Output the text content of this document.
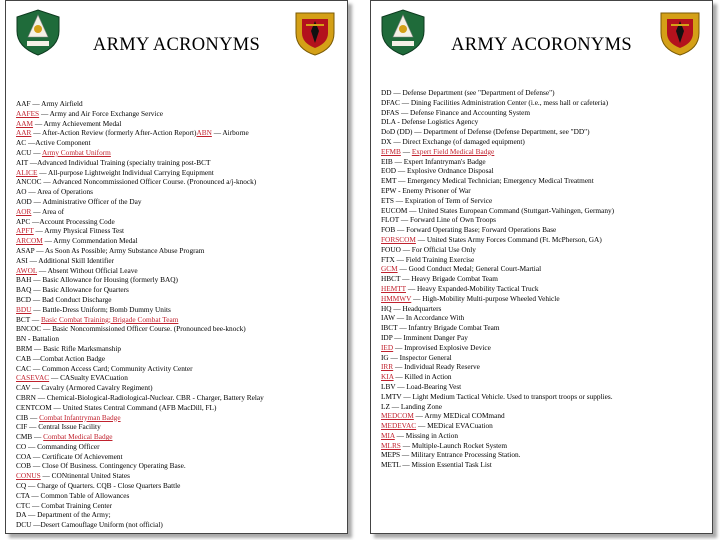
ARMY ACRONYMS
AAF — Army Airfield
AAFES — Army and Air Force Exchange Service
AAM — Army Achievement Medal
AAR — After-Action Review (formerly After-Action Report)ABN — Airborne
AC —Active Component
ACU — Army Combat Uniform
AIT —Advanced Individual Training (specialty training post-BCT
ALICE — All-purpose Lightweight Individual Carrying Equipment
ANCOC — Advanced Noncommissioned Officer Course. (Pronounced a/j-knock)
AO — Area of Operations
AOD — Administrative Officer of the Day
AOR — Area of
APC —Account Processing Code
APFT — Army Physical Fitness Test
ARCOM — Army Commendation Medal
ASAP — As Soon As Possible; Army Substance Abuse Program
ASI — Additional Skill Identifier
AWOL — Absent Without Official Leave
BAH — Basic Allowance for Housing (formerly BAQ)
BAQ — Basic Allowance for Quarters
BCD — Bad Conduct Discharge
BDU — Battle-Dress Uniform; Bomb Dummy Units
BCT — Basic Combat Training; Brigade Combat Team
BNCOC — Basic Noncommissioned Officer Course. (Pronounced bee-knock)
BN - Battalion
BRM — Basic Rifle Marksmanship
CAB —Combat Action Badge
CAC — Common Access Card; Community Activity Center
CASEVAC — CASualty EVACuation
CAV — Cavalry (Armored Cavalry Regiment)
CBRN — Chemical-Biological-Radiological-Nuclear. CBR - Charger, Battery Relay
CENTCOM — United States Central Command (AFB MacDill, FL)
CIB — Combat Infantryman Badge
CIF — Central Issue Facility
CMB — Combat Medical Badge
CO — Commanding Officer
COA — Certificate Of Achievement
COB — Close Of Business. Contingency Operating Base.
CONUS — CONtinental United States
CQ — Charge of Quarters. CQB - Close Quarters Battle
CTA — Common Table of Allowances
CTC — Combat Training Center
DA — Department of the Army;
DCU —Desert Camouflage Uniform (not official)
ARMY ACORONYMS
DD — Defense Department (see "Department of Defense")
DFAC — Dining Facilities Administration Center (i.e., mess hall or cafeteria)
DFAS — Defense Finance and Accounting System
DLA - Defense Logistics Agency
DoD (DD) — Department of Defense (Defense Department, see "DD")
DX — Direct Exchange (of damaged equipment)
EFMB — Expert Field Medical Badge
EIB — Expert Infantryman's Badge
EOD — Explosive Ordnance Disposal
EMT — Emergency Medical Technician; Emergency Medical Treatment
EPW - Enemy Prisoner of War
ETS — Expiration of Term of Service
EUCOM — United States European Command (Stuttgart-Vaihingen, Germany)
FLOT — Forward Line of Own Troops
FOB — Forward Operating Base; Forward Operations Base
FORSCOM — United States Army Forces Command (Ft. McPherson, GA)
FOUO — For Official Use Only
FTX — Field Training Exercise
GCM — Good Conduct Medal; General Court-Martial
HBCT — Heavy Brigade Combat Team
HEMTT — Heavy Expanded-Mobility Tactical Truck
HMMWV — High-Mobility Multi-purpose Wheeled Vehicle
HQ — Headquarters
IAW — In Accordance With
IBCT — Infantry Brigade Combat Team
IDP — Imminent Danger Pay
IED — Improvised Explosive Device
IG — Inspector General
IRR — Individual Ready Reserve
KIA — Killed in Action
LBV — Load-Bearing Vest
LMTV — Light Medium Tactical Vehicle. Used to transport troops or supplies.
LZ — Landing Zone
MEDCOM — Army MEDical COMmand
MEDEVAC — MEDical EVACuation
MIA — Missing in Action
MLRS — Multiple-Launch Rocket System
MEPS — Military Entrance Processing Station.
METL — Mission Essential Task List
